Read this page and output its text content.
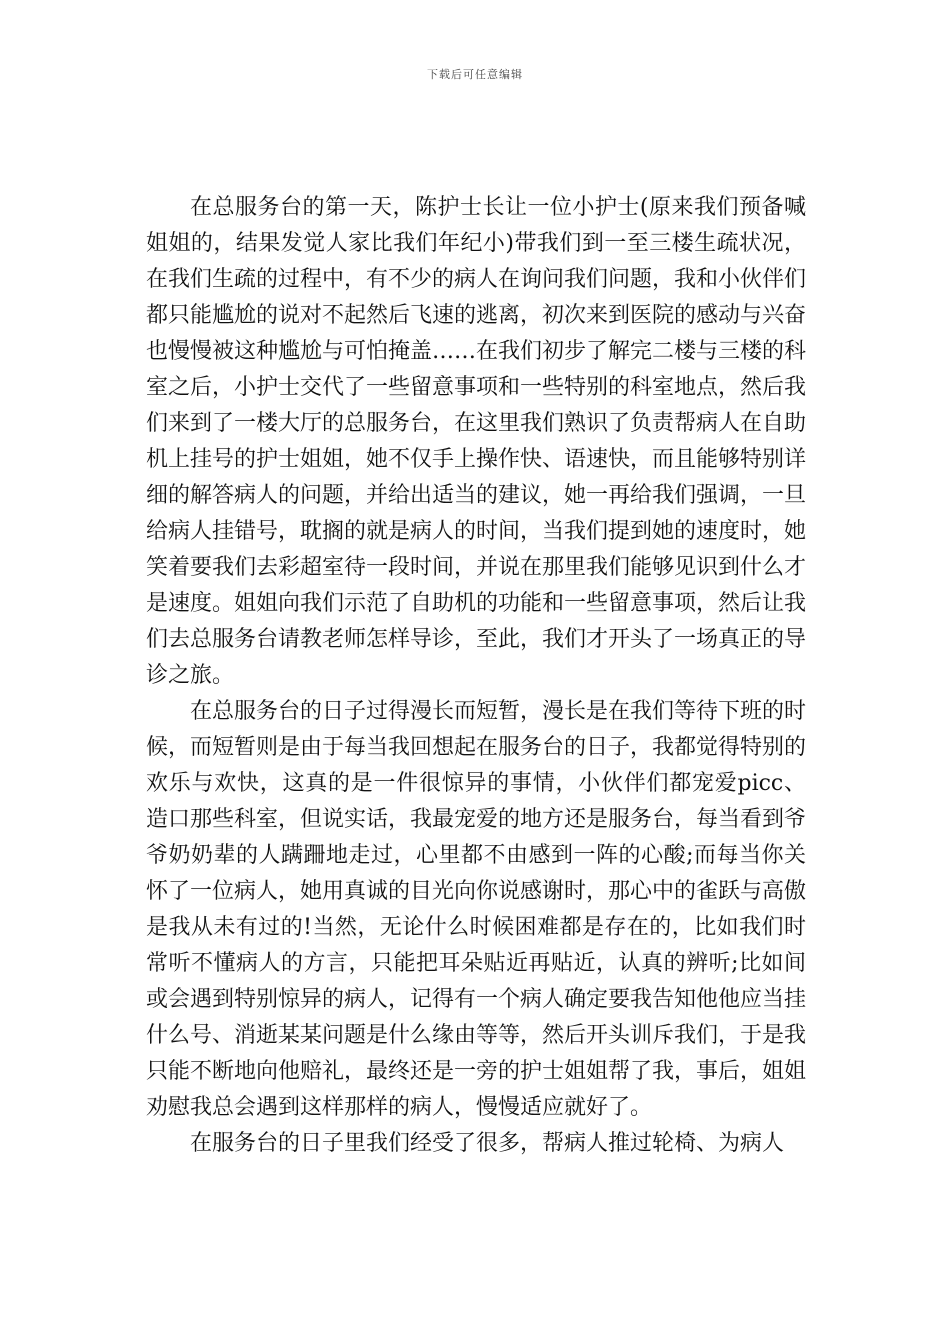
下载后可任意编辑

在总服务台的第一天，陈护士长让一位小护士(原来我们预备喊姐姐的，结果发觉人家比我们年纪小)带我们到一至三楼生疏状况，在我们生疏的过程中，有不少的病人在询问我们问题，我和小伙伴们都只能尴尬的说对不起然后飞速的逃离，初次来到医院的感动与兴奋也慢慢被这种尴尬与可怕掩盖……在我们初步了解完二楼与三楼的科室之后，小护士交代了一些留意事项和一些特别的科室地点，然后我们来到了一楼大厅的总服务台，在这里我们熟识了负责帮病人在自助机上挂号的护士姐姐，她不仅手上操作快、语速快，而且能够特别详细的解答病人的问题，并给出适当的建议，她一再给我们强调，一旦给病人挂错号，耽搁的就是病人的时间，当我们提到她的速度时，她笑着要我们去彩超室待一段时间，并说在那里我们能够见识到什么才是速度。姐姐向我们示范了自助机的功能和一些留意事项，然后让我们去总服务台请教老师怎样导诊，至此，我们才开头了一场真正的导诊之旅。

在总服务台的日子过得漫长而短暂，漫长是在我们等待下班的时候，而短暂则是由于每当我回想起在服务台的日子，我都觉得特别的欢乐与欢快，这真的是一件很惊异的事情，小伙伴们都宠爱picc、造口那些科室，但说实话，我最宠爱的地方还是服务台，每当看到爷爷奶奶辈的人蹒跚地走过，心里都不由感到一阵的心酸;而每当你关怀了一位病人，她用真诚的目光向你说感谢时，那心中的雀跃与高傲是我从未有过的!当然，无论什么时候困难都是存在的，比如我们时常听不懂病人的方言，只能把耳朵贴近再贴近，认真的辨听;比如间或会遇到特别惊异的病人，记得有一个病人确定要我告知他他应当挂什么号、消逝某某问题是什么缘由等等，然后开头训斥我们，于是我只能不断地向他赔礼，最终还是一旁的护士姐姐帮了我，事后，姐姐劝慰我总会遇到这样那样的病人，慢慢适应就好了。

在服务台的日子里我们经受了很多，帮病人推过轮椅、为病人
